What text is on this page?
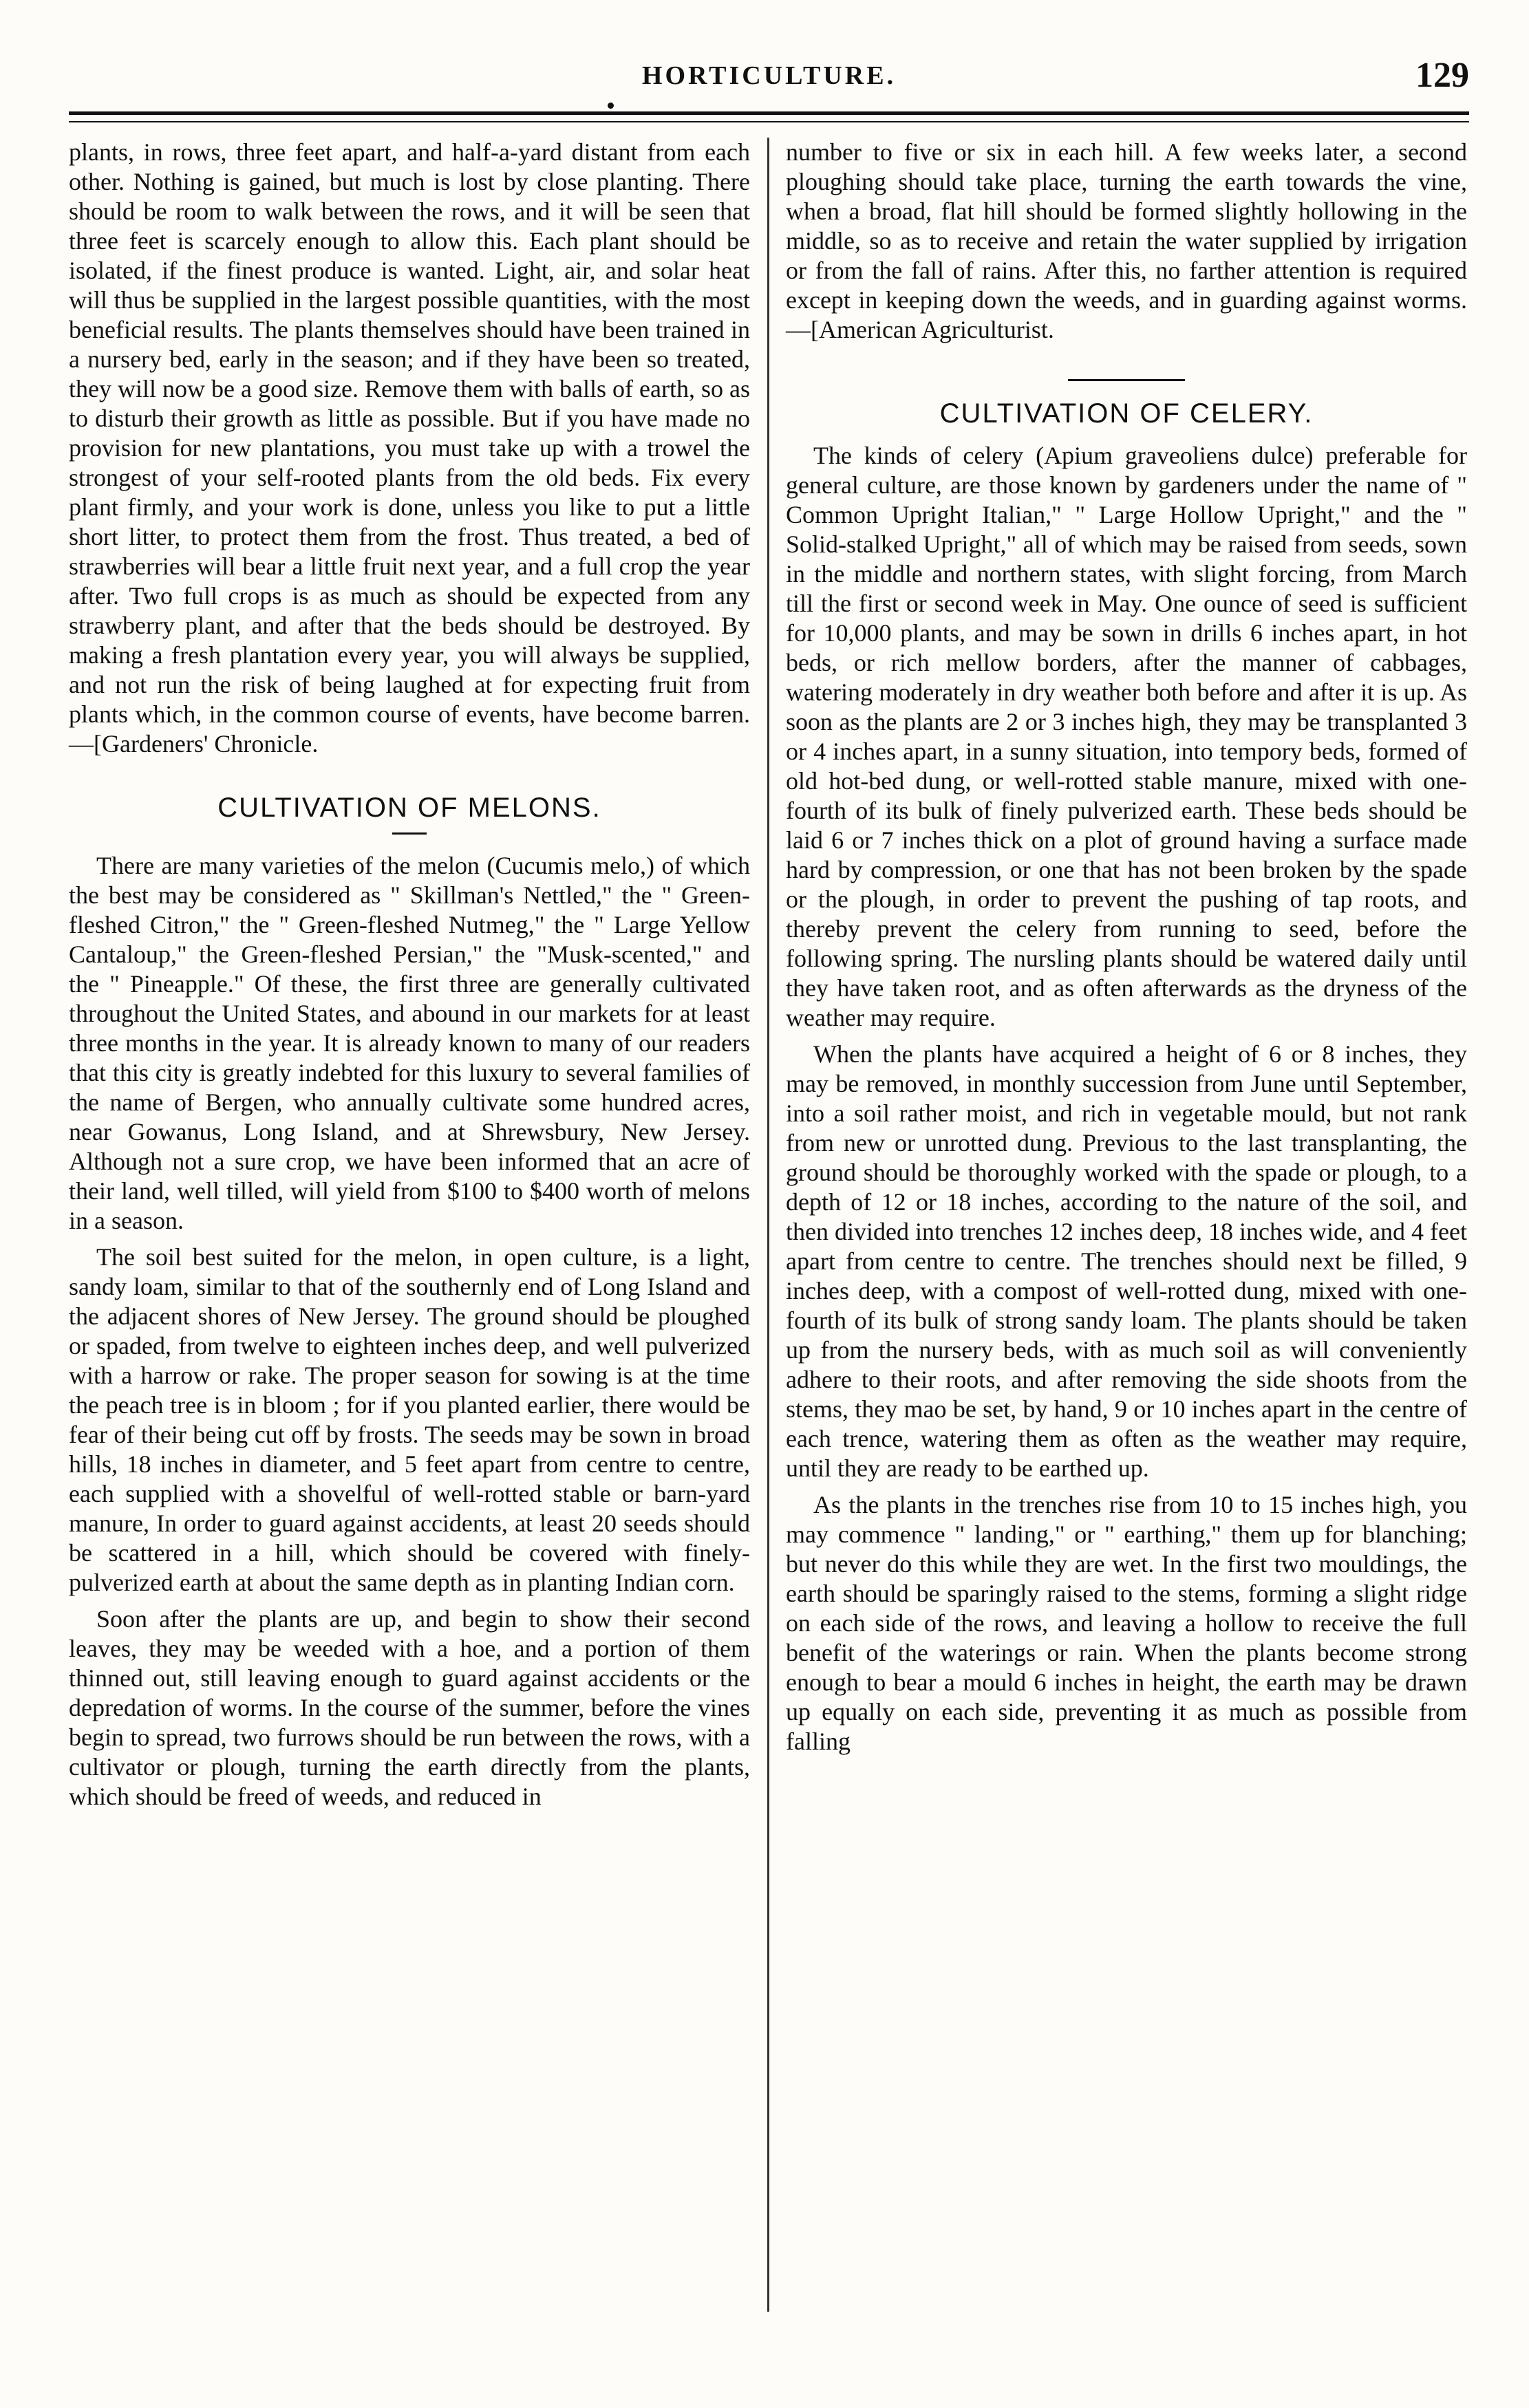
HORTICULTURE.	129

plants, in rows, three feet apart, and half-a-yard distant from each other. Nothing is gained, but much is lost by close planting. There should be room to walk between the rows, and it will be seen that three feet is scarcely enough to allow this. Each plant should be isolated, if the finest produce is wanted. Light, air, and solar heat will thus be supplied in the largest possible quantities, with the most beneficial results. The plants themselves should have been trained in a nursery bed, early in the season; and if they have been so treated, they will now be a good size. Remove them with balls of earth, so as to disturb their growth as little as possible. But if you have made no provision for new plantations, you must take up with a trowel the strongest of your self-rooted plants from the old beds. Fix every plant firmly, and your work is done, unless you like to put a little short litter, to protect them from the frost. Thus treated, a bed of strawberries will bear a little fruit next year, and a full crop the year after. Two full crops is as much as should be expected from any strawberry plant, and after that the beds should be destroyed. By making a fresh plantation every year, you will always be supplied, and not run the risk of being laughed at for expecting fruit from plants which, in the common course of events, have become barren.—[Gardeners' Chronicle.

CULTIVATION OF MELONS.

There are many varieties of the melon (Cucumis melo,) of which the best may be considered as " Skillman's Nettled," the " Green-fleshed Citron," the " Green-fleshed Nutmeg," the " Large Yellow Cantaloup," the Green-fleshed Persian," the "Musk-scented," and the " Pineapple." Of these, the first three are generally cultivated throughout the United States, and abound in our markets for at least three months in the year. It is already known to many of our readers that this city is greatly indebted for this luxury to several families of the name of Bergen, who annually cultivate some hundred acres, near Gowanus, Long Island, and at Shrewsbury, New Jersey. Although not a sure crop, we have been informed that an acre of their land, well tilled, will yield from $100 to $400 worth of melons in a season.

The soil best suited for the melon, in open culture, is a light, sandy loam, similar to that of the southernly end of Long Island and the adjacent shores of New Jersey. The ground should be ploughed or spaded, from twelve to eighteen inches deep, and well pulverized with a harrow or rake. The proper season for sowing is at the time the peach tree is in bloom ; for if you planted earlier, there would be fear of their being cut off by frosts. The seeds may be sown in broad hills, 18 inches in diameter, and 5 feet apart from centre to centre, each supplied with a shovelful of well-rotted stable or barn-yard manure, In order to guard against accidents, at least 20 seeds should be scattered in a hill, which should be covered with finely-pulverized earth at about the same depth as in planting Indian corn.

Soon after the plants are up, and begin to show their second leaves, they may be weeded with a hoe, and a portion of them thinned out, still leaving enough to guard against accidents or the depredation of worms. In the course of the summer, before the vines begin to spread, two furrows should be run between the rows, with a cultivator or plough, turning the earth directly from the plants, which should be freed of weeds, and reduced in

number to five or six in each hill. A few weeks later, a second ploughing should take place, turning the earth towards the vine, when a broad, flat hill should be formed slightly hollowing in the middle, so as to receive and retain the water supplied by irrigation or from the fall of rains. After this, no farther attention is required except in keeping down the weeds, and in guarding against worms.—[American Agriculturist.

CULTIVATION OF CELERY.

The kinds of celery (Apium graveoliens dulce) preferable for general culture, are those known by gardeners under the name of " Common Upright Italian," " Large Hollow Upright," and the " Solid-stalked Upright," all of which may be raised from seeds, sown in the middle and northern states, with slight forcing, from March till the first or second week in May. One ounce of seed is sufficient for 10,000 plants, and may be sown in drills 6 inches apart, in hot beds, or rich mellow borders, after the manner of cabbages, watering moderately in dry weather both before and after it is up. As soon as the plants are 2 or 3 inches high, they may be transplanted 3 or 4 inches apart, in a sunny situation, into tempory beds, formed of old hot-bed dung, or well-rotted stable manure, mixed with one-fourth of its bulk of finely pulverized earth. These beds should be laid 6 or 7 inches thick on a plot of ground having a surface made hard by compression, or one that has not been broken by the spade or the plough, in order to prevent the pushing of tap roots, and thereby prevent the celery from running to seed, before the following spring. The nursling plants should be watered daily until they have taken root, and as often afterwards as the dryness of the weather may require.

When the plants have acquired a height of 6 or 8 inches, they may be removed, in monthly succession from June until September, into a soil rather moist, and rich in vegetable mould, but not rank from new or unrotted dung. Previous to the last transplanting, the ground should be thoroughly worked with the spade or plough, to a depth of 12 or 18 inches, according to the nature of the soil, and then divided into trenches 12 inches deep, 18 inches wide, and 4 feet apart from centre to centre. The trenches should next be filled, 9 inches deep, with a compost of well-rotted dung, mixed with one-fourth of its bulk of strong sandy loam. The plants should be taken up from the nursery beds, with as much soil as will conveniently adhere to their roots, and after removing the side shoots from the stems, they mao be set, by hand, 9 or 10 inches apart in the centre of each trence, watering them as often as the weather may require, until they are ready to be earthed up.

As the plants in the trenches rise from 10 to 15 inches high, you may commence " landing," or " earthing," them up for blanching; but never do this while they are wet. In the first two mouldings, the earth should be sparingly raised to the stems, forming a slight ridge on each side of the rows, and leaving a hollow to receive the full benefit of the waterings or rain. When the plants become strong enough to bear a mould 6 inches in height, the earth may be drawn up equally on each side, preventing it as much as possible from falling
